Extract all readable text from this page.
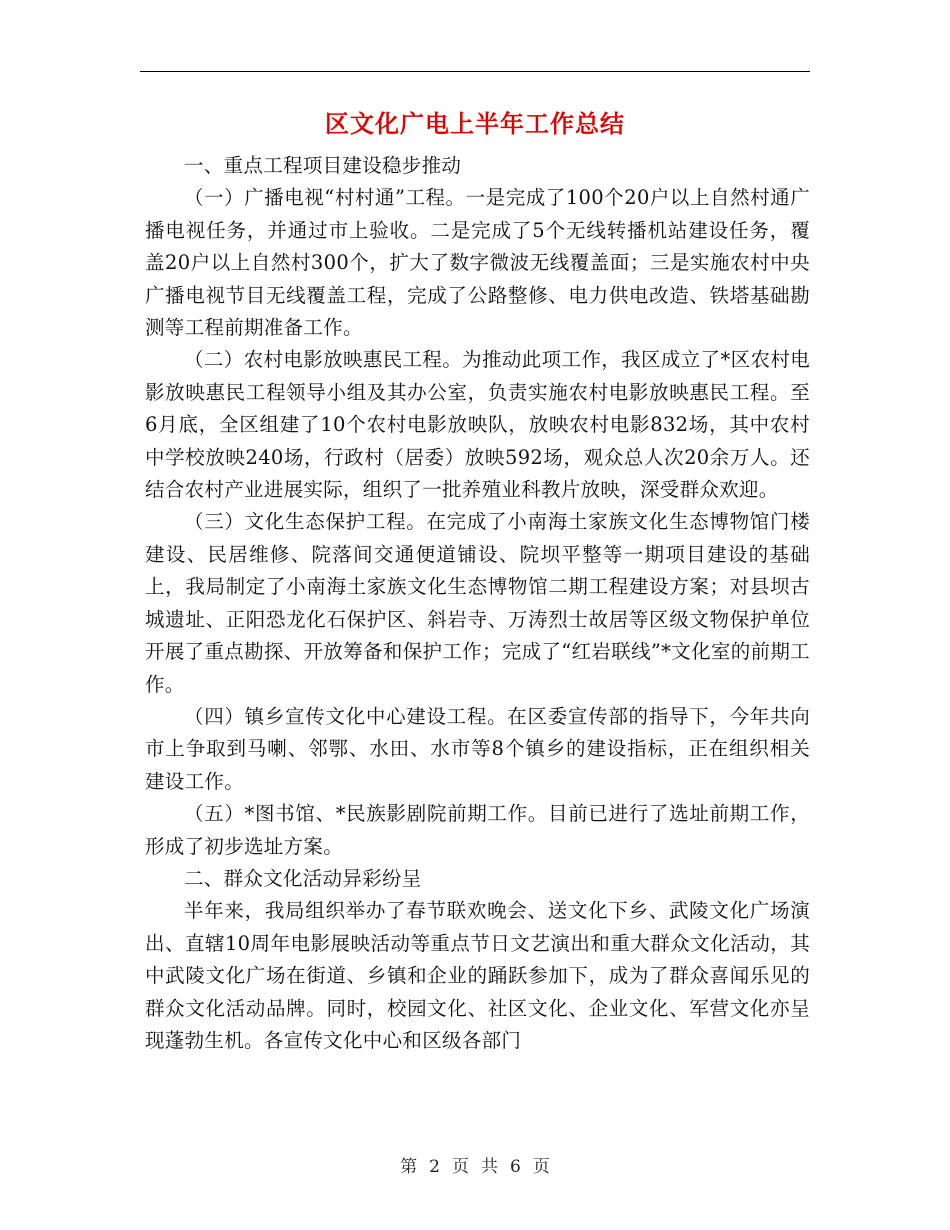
区文化广电上半年工作总结

一、重点工程项目建设稳步推动

（一）广播电视“村村通”工程。一是完成了100个20户以上自然村通广播电视任务，并通过市上验收。二是完成了5个无线转播机站建设任务，覆盖20户以上自然村300个，扩大了数字微波无线覆盖面；三是实施农村中央广播电视节目无线覆盖工程，完成了公路整修、电力供电改造、铁塔基础勘测等工程前期准备工作。

（二）农村电影放映惠民工程。为推动此项工作，我区成立了*区农村电影放映惠民工程领导小组及其办公室，负责实施农村电影放映惠民工程。至6月底，全区组建了10个农村电影放映队，放映农村电影832场，其中农村中学校放映240场，行政村（居委）放映592场，观众总人次20余万人。还结合农村产业进展实际，组织了一批养殖业科教片放映，深受群众欢迎。

（三）文化生态保护工程。在完成了小南海土家族文化生态博物馆门楼建设、民居维修、院落间交通便道铺设、院坝平整等一期项目建设的基础上，我局制定了小南海土家族文化生态博物馆二期工程建设方案；对县坝古城遗址、正阳恐龙化石保护区、斜岩寺、万涛烈士故居等区级文物保护单位开展了重点勘探、开放筹备和保护工作；完成了“红岩联线”*文化室的前期工作。

（四）镇乡宣传文化中心建设工程。在区委宣传部的指导下，今年共向市上争取到马喇、邻鄂、水田、水市等8个镇乡的建设指标，正在组织相关建设工作。

（五）*图书馆、*民族影剧院前期工作。目前已进行了选址前期工作，形成了初步选址方案。

二、群众文化活动异彩纷呈

半年来，我局组织举办了春节联欢晚会、送文化下乡、武陵文化广场演出、直辖10周年电影展映活动等重点节日文艺演出和重大群众文化活动，其中武陵文化广场在街道、乡镇和企业的踊跃参加下，成为了群众喜闻乐见的群众文化活动品牌。同时，校园文化、社区文化、企业文化、军营文化亦呈现蓬勃生机。各宣传文化中心和区级各部门

第 2 页 共 6 页
